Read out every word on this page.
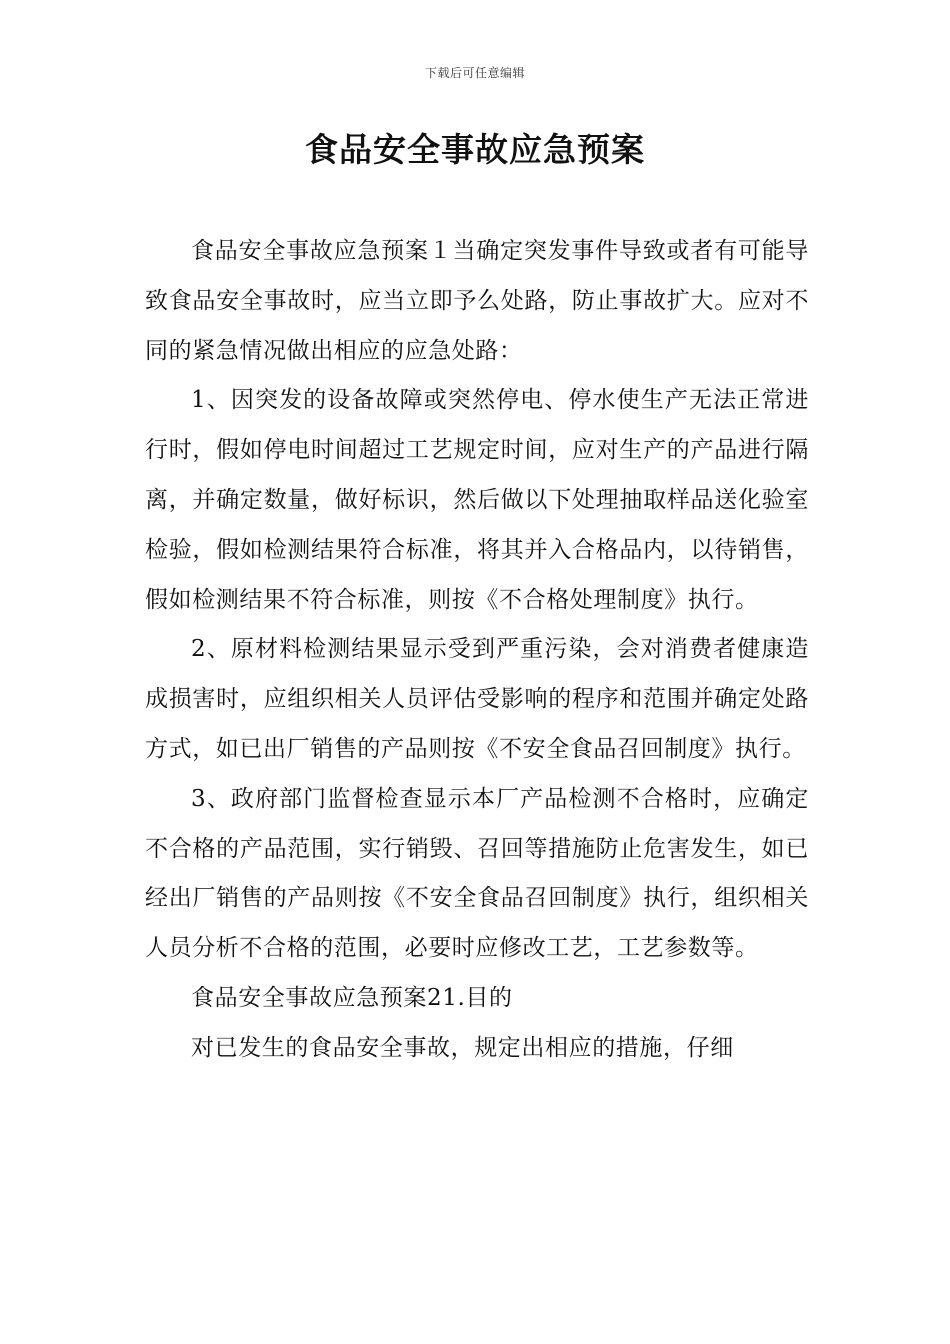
下载后可任意编辑
食品安全事故应急预案

食品安全事故应急预案１当确定突发事件导致或者有可能导致食品安全事故时，应当立即予么处路，防止事故扩大。应对不同的紧急情况做出相应的应急处路：

1、因突发的设备故障或突然停电、停水使生产无法正常进行时，假如停电时间超过工艺规定时间，应对生产的产品进行隔离，并确定数量，做好标识，然后做以下处理抽取样品送化验室检验，假如检测结果符合标准，将其并入合格品内，以待销售，假如检测结果不符合标准，则按《不合格处理制度》执行。

2、原材料检测结果显示受到严重污染，会对消费者健康造成损害时，应组织相关人员评估受影响的程序和范围并确定处路方式，如已出厂销售的产品则按《不安全食品召回制度》执行。

3、政府部门监督检查显示本厂产品检测不合格时，应确定不合格的产品范围，实行销毁、召回等措施防止危害发生，如已经出厂销售的产品则按《不安全食品召回制度》执行，组织相关人员分析不合格的范围，必要时应修改工艺，工艺参数等。

食品安全事故应急预案21.目的

对已发生的食品安全事故，规定出相应的措施，仔细
